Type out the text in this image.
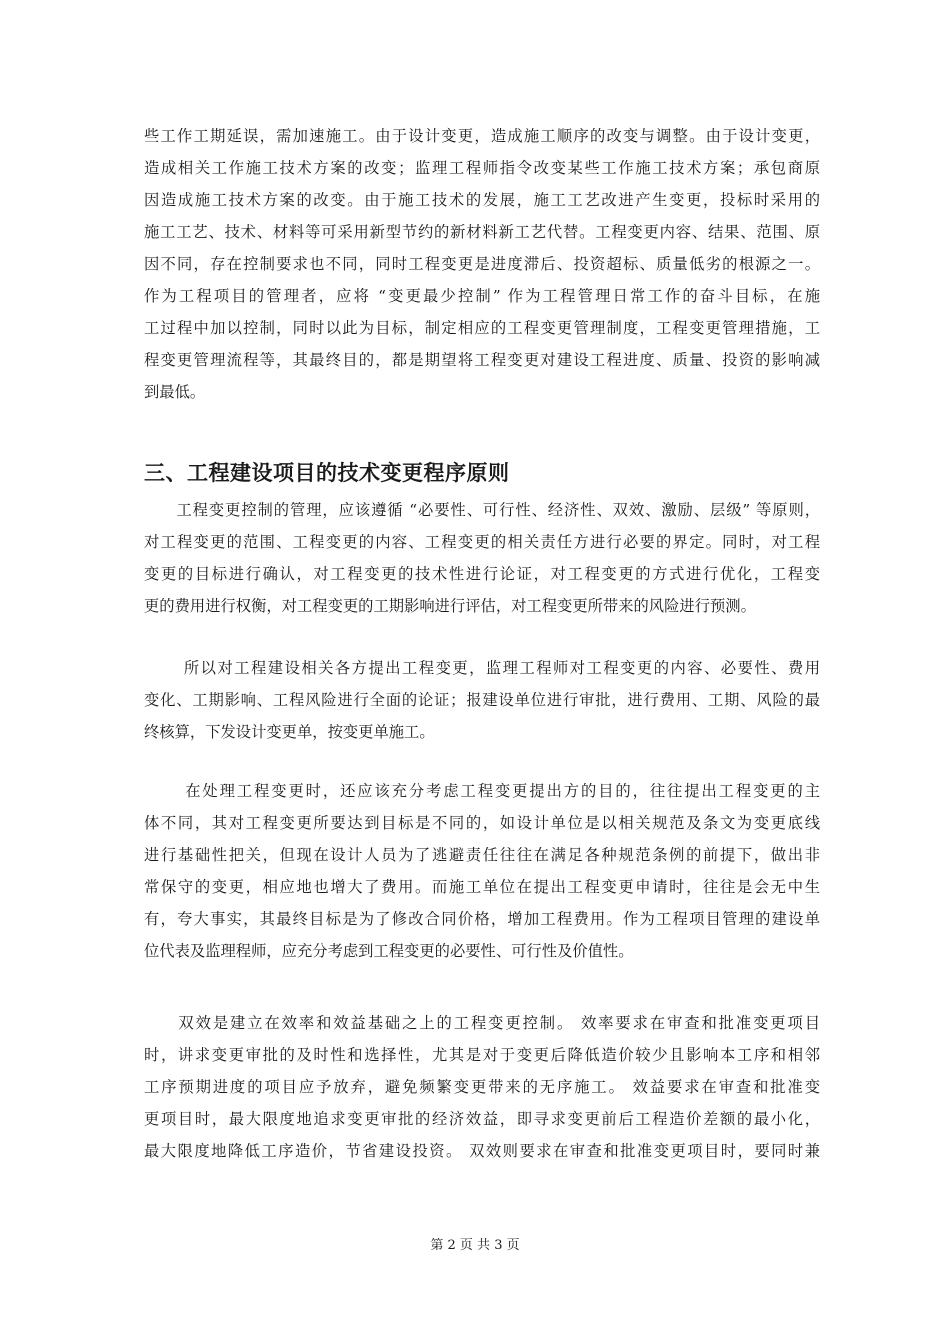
些工作工期延误，需加速施工。由于设计变更，造成施工顺序的改变与调整。由于设计变更，
造成相关工作施工技术方案的改变；监理工程师指令改变某些工作施工技术方案；承包商原
因造成施工技术方案的改变。由于施工技术的发展，施工工艺改进产生变更，投标时采用的
施工工艺、技术、材料等可采用新型节约的新材料新工艺代替。工程变更内容、结果、范围、原
因不同，存在控制要求也不同，同时工程变更是进度滞后、投资超标、质量低劣的根源之一。
作为工程项目的管理者，应将 “变更最少控制” 作为工程管理日常工作的奋斗目标，在施
工过程中加以控制，同时以此为目标，制定相应的工程变更管理制度，工程变更管理措施，工
程变更管理流程等，其最终目的，都是期望将工程变更对建设工程进度、质量、投资的影响减
到最低。
三、工程建设项目的技术变更程序原则
　　工程变更控制的管理，应该遵循 “必要性、可行性、经济性、双效、激励、层级” 等原则，
对工程变更的范围、工程变更的内容、工程变更的相关责任方进行必要的界定。同时，对工程
变更的目标进行确认，对工程变更的技术性进行论证，对工程变更的方式进行优化，工程变
更的费用进行权衡，对工程变更的工期影响进行评估，对工程变更所带来的风险进行预测。
　　 所以对工程建设相关各方提出工程变更，监理工程师对工程变更的内容、必要性、费用
变化、工期影响、工程风险进行全面的论证；报建设单位进行审批，进行费用、工期、风险的最
终核算，下发设计变更单，按变更单施工。
　　 在处理工程变更时，还应该充分考虑工程变更提出方的目的，往往提出工程变更的主
体不同，其对工程变更所要达到目标是不同的，如设计单位是以相关规范及条文为变更底线
进行基础性把关，但现在设计人员为了逃避责任往往在满足各种规范条例的前提下，做出非
常保守的变更，相应地也增大了费用。而施工单位在提出工程变更申请时，往往是会无中生
有，夸大事实，其最终目标是为了修改合同价格，增加工程费用。作为工程项目管理的建设单
位代表及监理程师，应充分考虑到工程变更的必要性、可行性及价值性。
　　双效是建立在效率和效益基础之上的工程变更控制。 效率要求在审查和批准变更项目
时，讲求变更审批的及时性和选择性，尤其是对于变更后降低造价较少且影响本工序和相邻
工序预期进度的项目应予放弃，避免频繁变更带来的无序施工。 效益要求在审查和批准变
更项目时，最大限度地追求变更审批的经济效益，即寻求变更前后工程造价差额的最小化，
最大限度地降低工序造价，节省建设投资。 双效则要求在审查和批准变更项目时，要同时兼
第 2 页 共 3 页
